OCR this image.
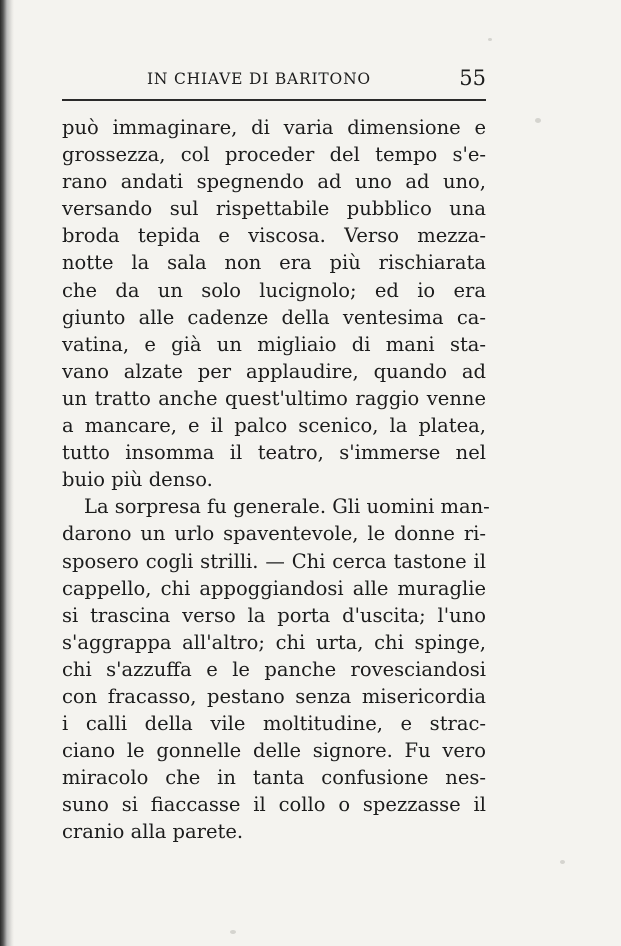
IN CHIAVE DI BARITONO	55
può immaginare, di varia dimensione e
grossezza, col proceder del tempo s'e-
rano andati spegnendo ad uno ad uno,
versando sul rispettabile pubblico una
broda tepida e viscosa. Verso mezza-
notte la sala non era più rischiarata
che da un solo lucignolo; ed io era
giunto alle cadenze della ventesima ca-
vatina, e già un migliaio di mani sta-
vano alzate per applaudire, quando ad
un tratto anche quest'ultimo raggio venne
a mancare, e il palco scenico, la platea,
tutto insomma il teatro, s'immerse nel
buio più denso.
La sorpresa fu generale. Gli uomini man-
darono un urlo spaventevole, le donne ri-
sposero cogli strilli. — Chi cerca tastone il
cappello, chi appoggiandosi alle muraglie
si trascina verso la porta d'uscita; l'uno
s'aggrappa all'altro; chi urta, chi spinge,
chi s'azzuffa e le panche rovesciandosi
con fracasso, pestano senza misericordia
i calli della vile moltitudine, e strac-
ciano le gonnelle delle signore. Fu vero
miracolo che in tanta confusione nes-
suno si fiaccasse il collo o spezzasse il
cranio alla parete.
